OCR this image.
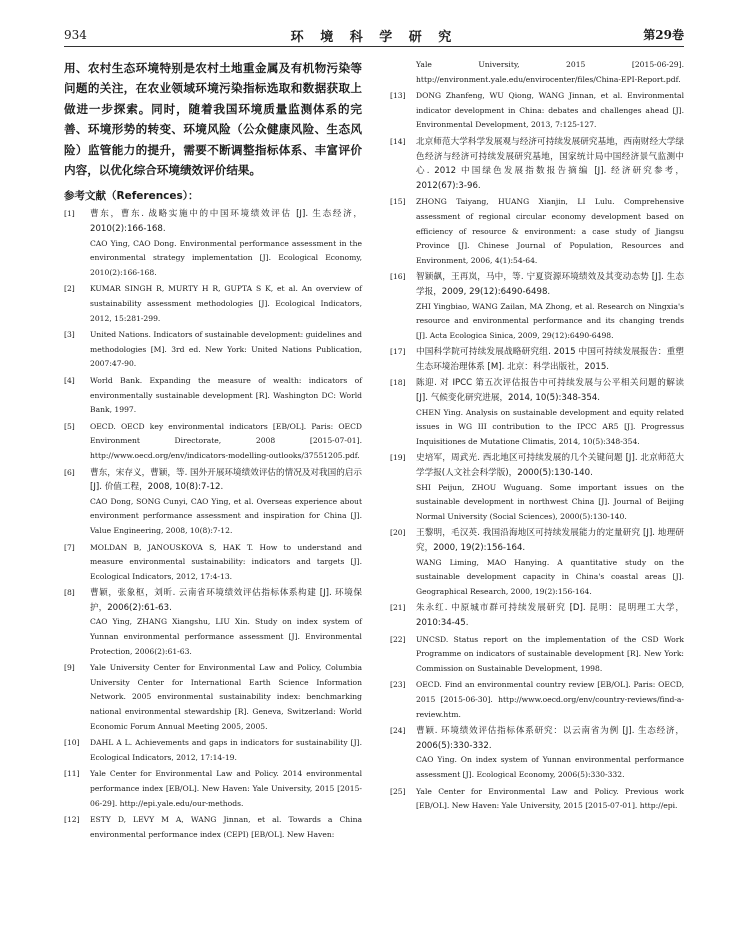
934	环 境 科 学 研 究	第29卷

用、农村生态环境特别是农村土地重金属及有机物污染等问题的关注，在农业领域环境污染指标选取和数据获取上做进一步探索。同时，随着我国环境质量监测体系的完善、环境形势的转变、环境风险（公众健康风险、生态风险）监管能力的提升，需要不断调整指标体系、丰富评价内容，以优化综合环境绩效评价结果。

参考文献（References）：
[1]	曹东，曹东. 战略实施中的中国环境绩效评估 [J]. 生态经济，2010(2):166-168.
CAO Ying, CAO Dong. Environmental performance assessment in the environmental strategy implementation [J]. Ecological Economy, 2010(2):166-168.
[2]	KUMAR SINGH R, MURTY H R, GUPTA S K, et al. An overview of sustainability assessment methodologies [J]. Ecological Indicators, 2012, 15:281-299.
[3]	United Nations. Indicators of sustainable development: guidelines and methodologies [M]. 3rd ed. New York: United Nations Publication, 2007:47-90.
[4]	World Bank. Expanding the measure of wealth: indicators of environmentally sustainable development [R]. Washington DC: World Bank, 1997.
[5]	OECD. OECD key environmental indicators [EB/OL]. Paris: OECD Environment Directorate, 2008 [2015-07-01]. http://www.oecd.org/env/indicators-modelling-outlooks/37551205.pdf.
[6]	曹东，宋存义，曹颖，等. 国外开展环境绩效评估的情况及对我国的启示 [J]. 价值工程，2008, 10(8):7-12.
CAO Dong, SONG Cunyi, CAO Ying, et al. Overseas experience about environment performance assessment and inspiration for China [J]. Value Engineering, 2008, 10(8):7-12.
[7]	MOLDAN B, JANOUSKOVA S, HAK T. How to understand and measure environmental sustainability: indicators and targets [J]. Ecological Indicators, 2012, 17:4-13.
[8]	曹颖，张象枢，刘昕. 云南省环境绩效评估指标体系构建 [J]. 环境保护，2006(2):61-63.
CAO Ying, ZHANG Xiangshu, LIU Xin. Study on index system of Yunnan environmental performance assessment [J]. Environmental Protection, 2006(2):61-63.
[9]	Yale University Center for Environmental Law and Policy, Columbia University Center for International Earth Science Information Network. 2005 environmental sustainability index: benchmarking national environmental stewardship [R]. Geneva, Switzerland: World Economic Forum Annual Meeting 2005, 2005.
[10]	DAHL A L. Achievements and gaps in indicators for sustainability [J]. Ecological Indicators, 2012, 17:14-19.
[11]	Yale Center for Environmental Law and Policy. 2014 environmental performance index [EB/OL]. New Haven: Yale University, 2015 [2015-06-29]. http://epi.yale.edu/our-methods.
[12]	ESTY D, LEVY M A, WANG Jinnan, et al. Towards a China environmental performance index (CEPI) [EB/OL]. New Haven:
Yale University, 2015 [2015-06-29]. http://environment.yale.edu/envirocenter/files/China-EPI-Report.pdf.
[13]	DONG Zhanfeng, WU Qiong, WANG Jinnan, et al. Environmental indicator development in China: debates and challenges ahead [J]. Environmental Development, 2013, 7:125-127.
[14]	北京师范大学科学发展观与经济可持续发展研究基地，西南财经大学绿色经济与经济可持续发展研究基地，国家统计局中国经济景气监测中心. 2012 中国绿色发展指数报告摘编 [J]. 经济研究参考，2012(67):3-96.
[15]	ZHONG Taiyang, HUANG Xianjin, LI Lulu. Comprehensive assessment of regional circular economy development based on efficiency of resource & environment: a case study of Jiangsu Province [J]. Chinese Journal of Population, Resources and Environment, 2006, 4(1):54-64.
[16]	智颖飙，王再岚，马中，等. 宁夏资源环境绩效及其变动态势 [J]. 生态学报，2009, 29(12):6490-6498.
ZHI Yingbiao, WANG Zailan, MA Zhong, et al. Research on Ningxia's resource and environmental performance and its changing trends [J]. Acta Ecologica Sinica, 2009, 29(12):6490-6498.
[17]	中国科学院可持续发展战略研究组. 2015 中国可持续发展报告：重塑生态环境治理体系 [M]. 北京：科学出版社，2015.
[18]	陈迎. 对 IPCC 第五次评估报告中可持续发展与公平相关问题的解读 [J]. 气候变化研究进展，2014, 10(5):348-354.
CHEN Ying. Analysis on sustainable development and equity related issues in WG III contribution to the IPCC AR5 [J]. Progressus Inquisitiones de Mutatione Climatis, 2014, 10(5):348-354.
[19]	史培军，周武光. 西北地区可持续发展的几个关键问题 [J]. 北京师范大学学报(人文社会科学版)，2000(5):130-140.
SHI Peijun, ZHOU Wuguang. Some important issues on the sustainable development in northwest China [J]. Journal of Beijing Normal University (Social Sciences), 2000(5):130-140.
[20]	王黎明，毛汉英. 我国沿海地区可持续发展能力的定量研究 [J]. 地理研究，2000, 19(2):156-164.
WANG Liming, MAO Hanying. A quantitative study on the sustainable development capacity in China's coastal areas [J]. Geographical Research, 2000, 19(2):156-164.
[21]	朱永红. 中原城市群可持续发展研究 [D]. 昆明：昆明理工大学，2010:34-45.
[22]	UNCSD. Status report on the implementation of the CSD Work Programme on indicators of sustainable development [R]. New York: Commission on Sustainable Development, 1998.
[23]	OECD. Find an environmental country review [EB/OL]. Paris: OECD, 2015 [2015-06-30]. http://www.oecd.org/env/country-reviews/find-a-review.htm.
[24]	曹颖. 环境绩效评估指标体系研究：以云南省为例 [J]. 生态经济，2006(5):330-332.
CAO Ying. On index system of Yunnan environmental performance assessment [J]. Ecological Economy, 2006(5):330-332.
[25]	Yale Center for Environmental Law and Policy. Previous work [EB/OL]. New Haven: Yale University, 2015 [2015-07-01]. http://epi.
